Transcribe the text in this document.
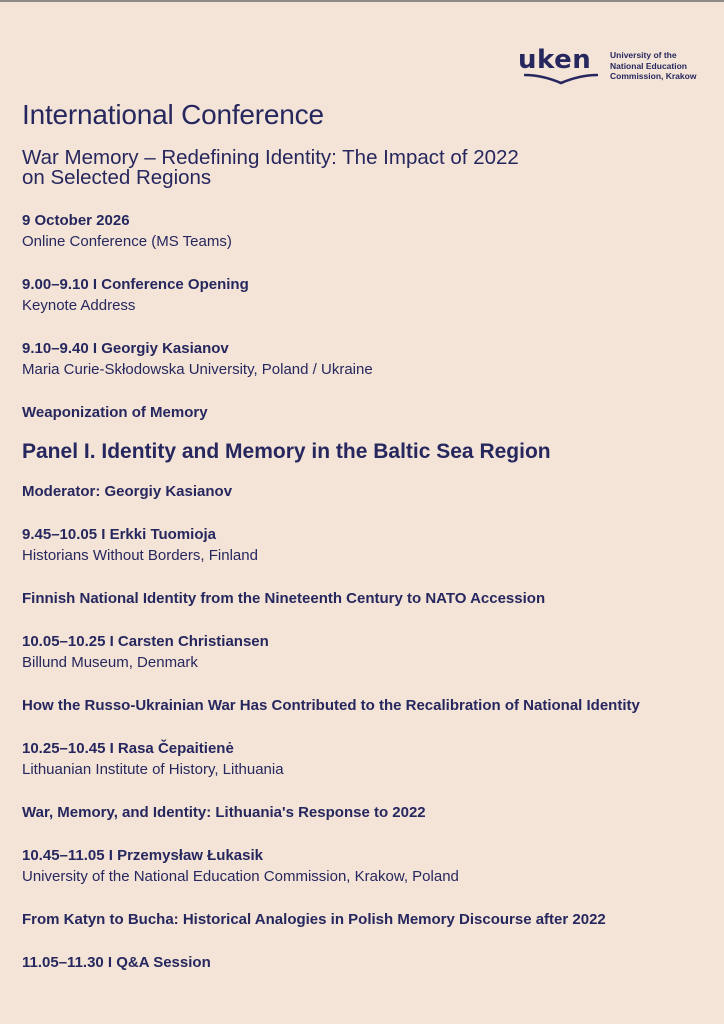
uken University of the
National Education
Commission, Krakow
International Conference
War Memory – Redefining Identity: The Impact of 2022
on Selected Regions
9 October 2026
Online Conference (MS Teams)
9.00–9.10 I Conference Opening
Keynote Address
9.10–9.40 I Georgiy Kasianov
Maria Curie-Skłodowska University, Poland / Ukraine
Weaponization of Memory
Panel I. Identity and Memory in the Baltic Sea Region
Moderator: Georgiy Kasianov
9.45–10.05 I Erkki Tuomioja
Historians Without Borders, Finland
Finnish National Identity from the Nineteenth Century to NATO Accession
10.05–10.25 I Carsten Christiansen
Billund Museum, Denmark
How the Russo-Ukrainian War Has Contributed to the Recalibration of National Identity
10.25–10.45 I Rasa Čepaitienė
Lithuanian Institute of History, Lithuania
War, Memory, and Identity: Lithuania's Response to 2022
10.45–11.05 I Przemysław Łukasik
University of the National Education Commission, Krakow, Poland
From Katyn to Bucha: Historical Analogies in Polish Memory Discourse after 2022
11.05–11.30 I Q&A Session
